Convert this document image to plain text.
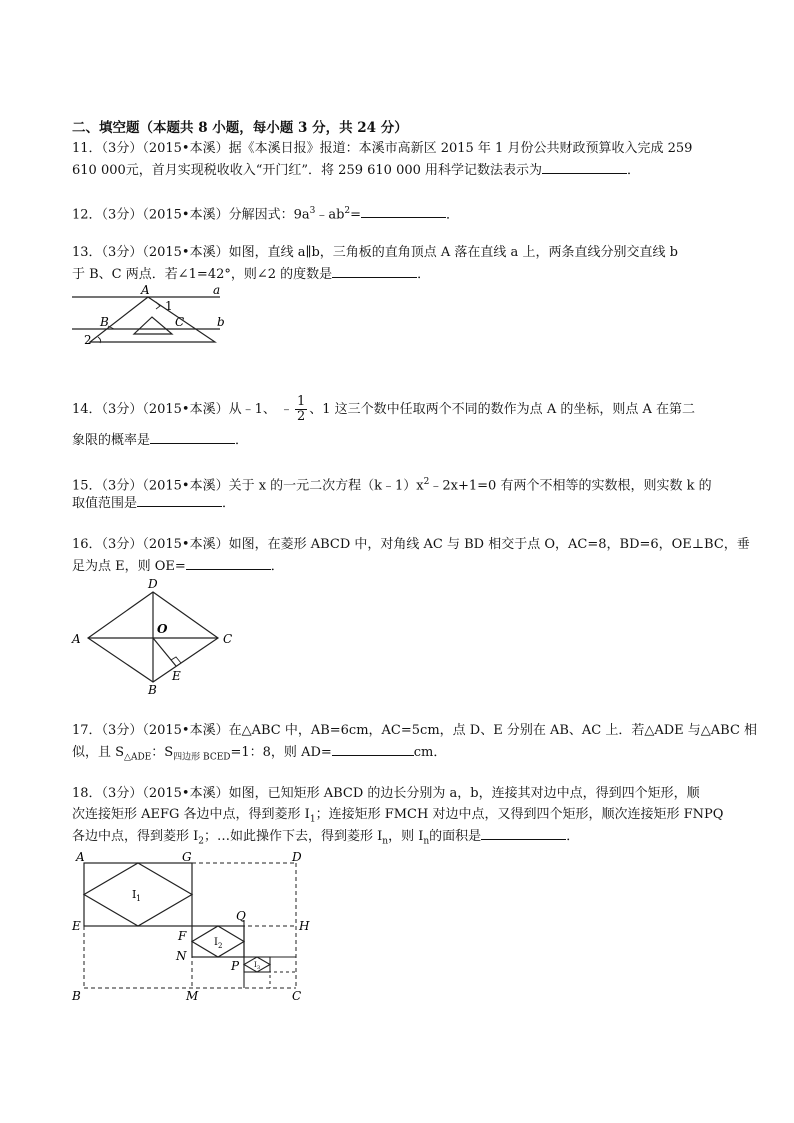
二、填空题（本题共 8 小题，每小题 3 分，共 24 分）
11．（3分）（2015•本溪）据《本溪日报》报道：本溪市高新区 2015 年 1 月份公共财政预算收入完成 259
610 000元，首月实现税收收入“开门红”．将 259 610 000 用科学记数法表示为	．
12．（3分）（2015•本溪）分解因式：$9a^3﹣ab^2=$	．
13．（3分）（2015•本溪）如图，直线 a∥b，三角板的直角顶点 A 落在直线 a 上，两条直线分别交直线 b
于 B、C 两点．若∠1=42°，则∠2 的度数是	．
A
1
a
B	C	b
2
14．（3分）（2015•本溪）从﹣1、 ﹣ $\frac{1}{2}$ 、1 这三个数中任取两个不同的数作为点 A 的坐标，则点 A 在第二
象限的概率是	．
15．（3分）（2015•本溪）关于 x 的一元二次方程$(k﹣1)x^2﹣2x+1=0$ 有两个不相等的实数根，则实数 k 的
取值范围是	．
16．（3分）（2015•本溪）如图，在菱形 ABCD 中，对角线 AC 与 BD 相交于点 O，AC=8，BD=6，OE⊥BC，垂
足为点 E，则 OE=	．
A
D
C
B
O
E
17．（3分）（2015•本溪）在△ABC 中，AB=6cm，AC=5cm，点 D、E 分别在 AB、AC 上．若△ADE 与△ABC 相
似，且 $S_{\triangle ADE}$：$S_{四边形 BCED}=1$：8，则 AD=	cm．
18．（3分）（2015•本溪）如图，已知矩形 ABCD 的边长分别为 a，b，连接其对边中点，得到四个矩形，顺
次连接矩形 AEFG 各边中点，得到菱形 $I_1$；连接矩形 FMCH 对边中点，又得到四个矩形，顺次连接矩形 FNPQ
各边中点，得到菱形 $I_2$；…如此操作下去，得到菱形 $I_n$，则 $I_n$的面积是	．
A	G	D
E	H
F
Q
N
P
B	M	C
I 1
I 2
I 3
